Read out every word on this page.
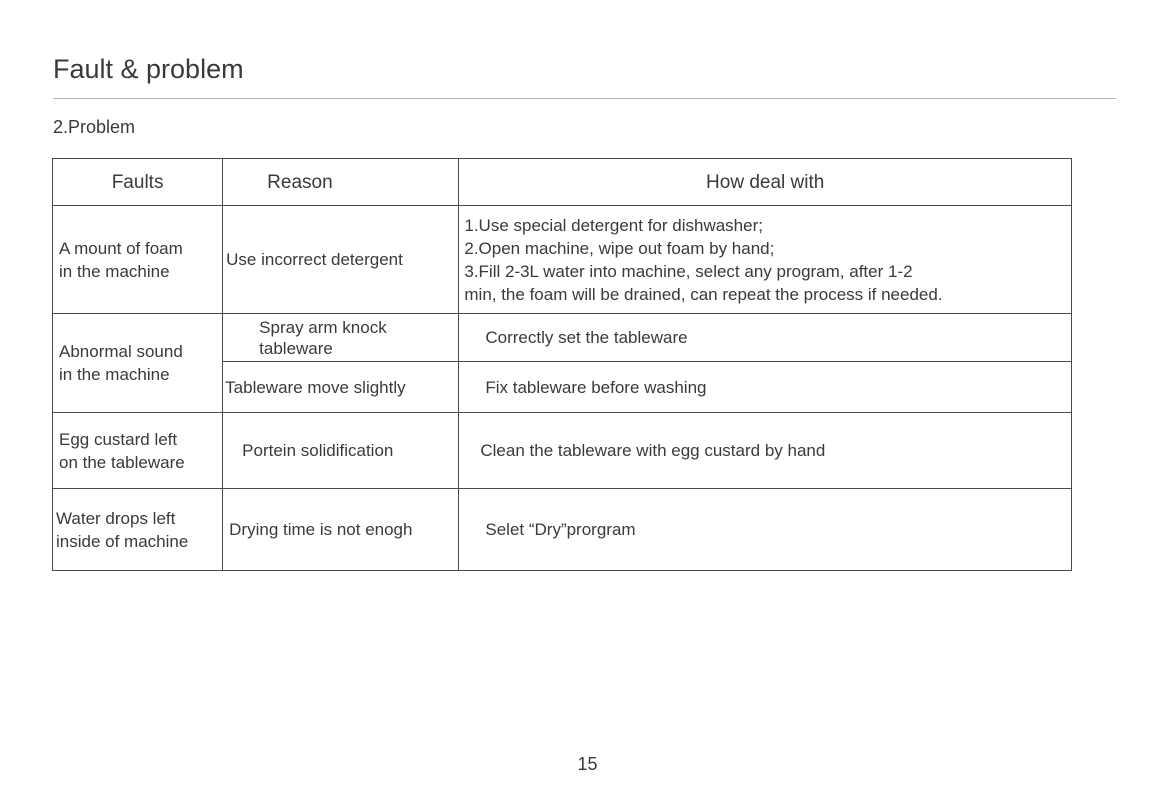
Fault & problem
2.Problem
Faults	Reason	How deal with

A mount of foam
in the machine	Use incorrect detergent	1.Use special detergent for dishwasher;
2.Open machine, wipe out foam by hand;
3.Fill 2-3L water into machine, select any program, after 1-2
min, the foam will be drained, can repeat the process if needed.

Abnormal sound
in the machine	Spray arm knock
tableware	Correctly set the tableware
	Tableware move slightly	Fix tableware before washing

Egg custard left
on the tableware	Portein solidification	Clean the tableware with egg custard by hand

Water drops left
inside of machine	Drying time is not enogh	Selet “Dry”prorgram
15
